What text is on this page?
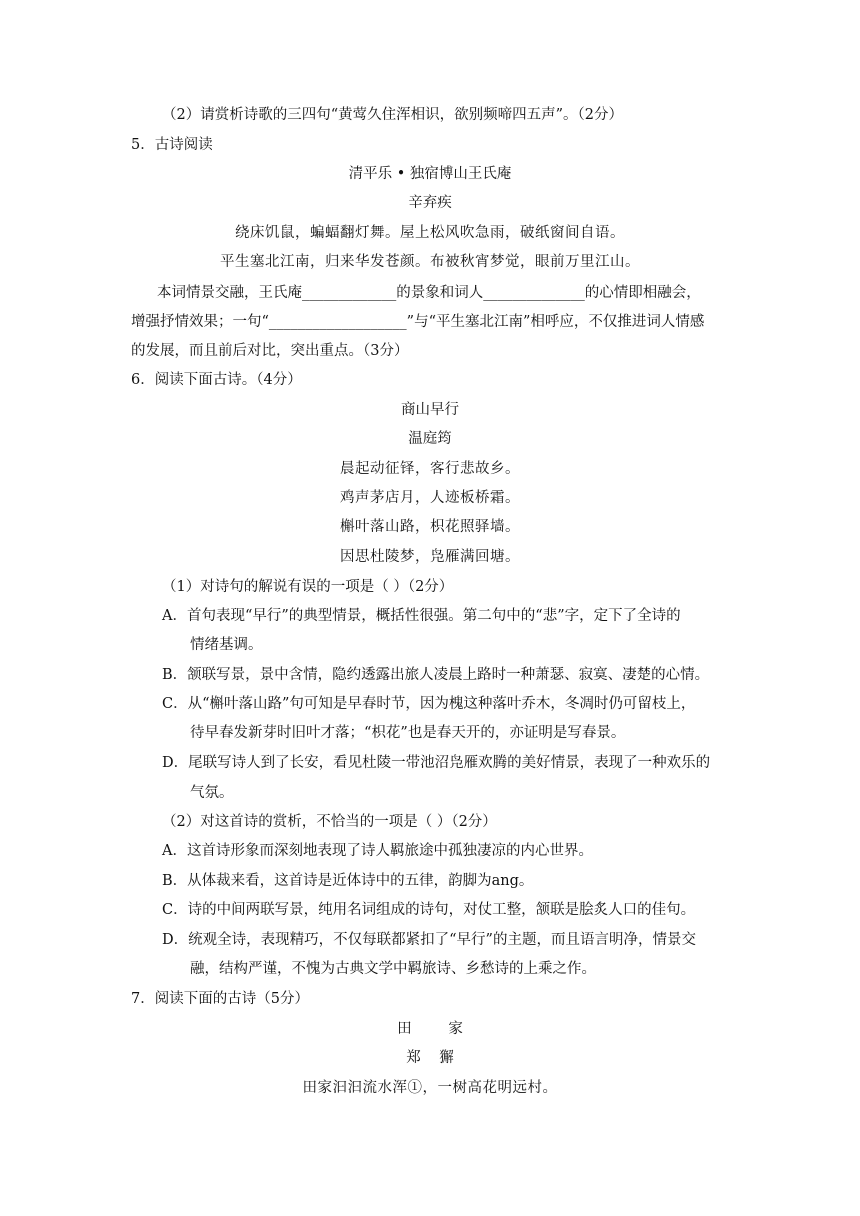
（2）请赏析诗歌的三四句“黄莺久住浑相识，欲别频啼四五声”。（2分）
5．古诗阅读
清平乐 • 独宿博山王氏庵
辛弃疾
绕床饥鼠，蝙蝠翻灯舞。屋上松风吹急雨，破纸窗间自语。
平生塞北江南，归来华发苍颜。布被秋宵梦觉，眼前万里江山。
本词情景交融，王氏庵_____________的景象和词人______________的心情即相融会，
增强抒情效果；一句“___________________”与“平生塞北江南”相呼应，不仅推进词人情感
的发展，而且前后对比，突出重点。（3分）
6．阅读下面古诗。（4分）
商山早行
温庭筠
晨起动征铎，客行悲故乡。
鸡声茅店月，人迹板桥霜。
槲叶落山路，枳花照驿墙。
因思杜陵梦，凫雁满回塘。
（1）对诗句的解说有误的一项是（ ）（2分）
A．首句表现“早行”的典型情景，概括性很强。第二句中的“悲”字，定下了全诗的
情绪基调。
B．颔联写景，景中含情，隐约透露出旅人凌晨上路时一种萧瑟、寂寞、凄楚的心情。
C．从“槲叶落山路”句可知是早春时节，因为槐这种落叶乔木，冬凋时仍可留枝上，
待早春发新芽时旧叶才落；“枳花”也是春天开的，亦证明是写春景。
D．尾联写诗人到了长安，看见杜陵一带池沼凫雁欢腾的美好情景，表现了一种欢乐的
气氛。
（2）对这首诗的赏析，不恰当的一项是（ ）（2分）
A．这首诗形象而深刻地表现了诗人羁旅途中孤独凄凉的内心世界。
B．从体裁来看，这首诗是近体诗中的五律，韵脚为ang。
C．诗的中间两联写景，纯用名词组成的诗句，对仗工整，颔联是脍炙人口的佳句。
D．统观全诗，表现精巧，不仅每联都紧扣了“早行”的主题，而且语言明净，情景交
融，结构严谨，不愧为古典文学中羁旅诗、乡愁诗的上乘之作。
7．阅读下面的古诗（5分）
田        家
郑    獬
田家汩汩流水浑①，一树高花明远村。
